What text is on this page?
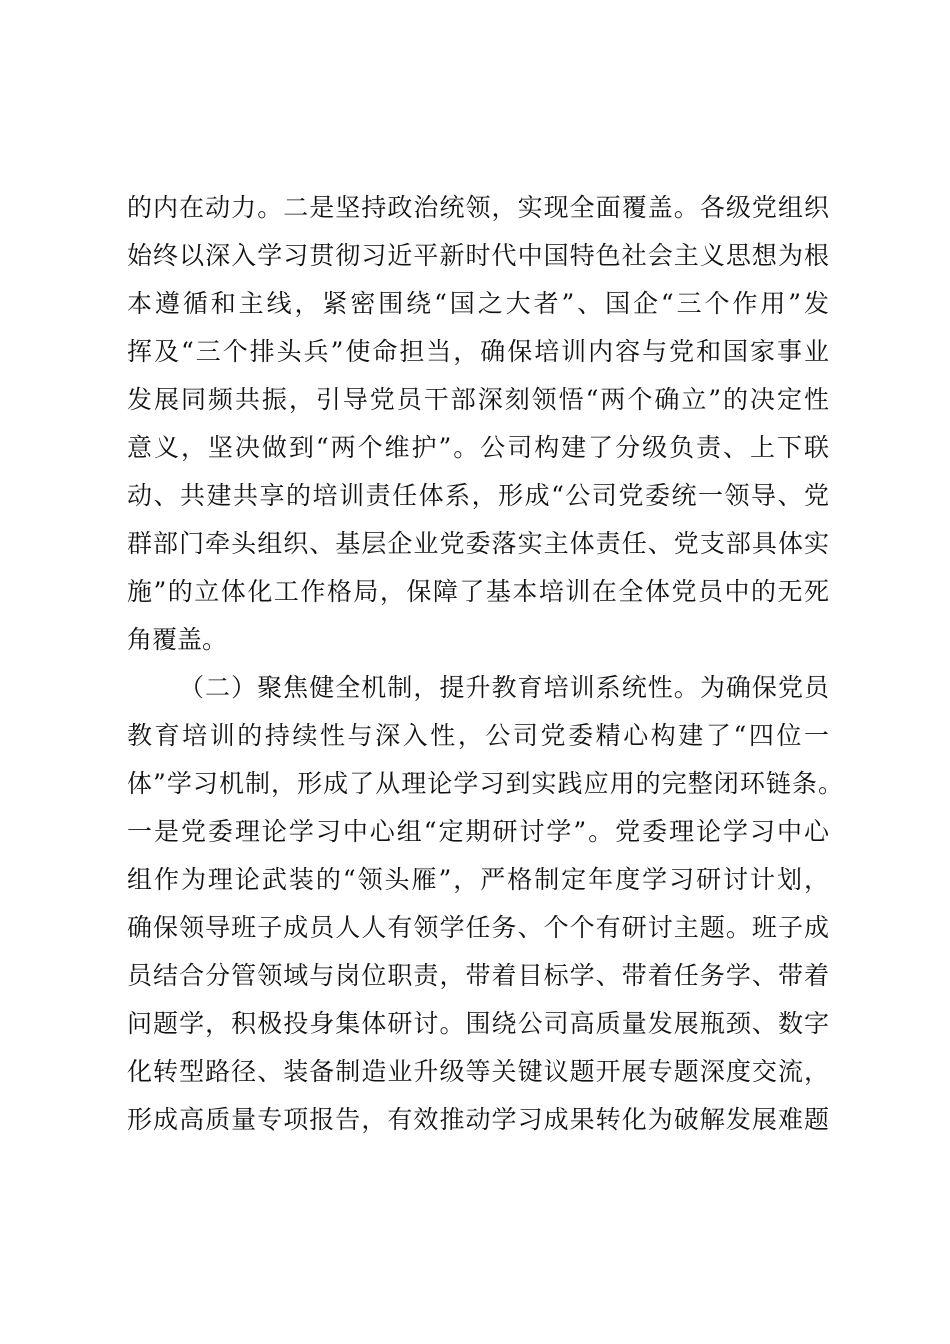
的内在动力。二是坚持政治统领，实现全面覆盖。各级党组织
始终以深入学习贯彻习近平新时代中国特色社会主义思想为根
本遵循和主线，紧密围绕“国之大者”、国企“三个作用”发
挥及“三个排头兵”使命担当，确保培训内容与党和国家事业
发展同频共振，引导党员干部深刻领悟“两个确立”的决定性
意义，坚决做到“两个维护”。公司构建了分级负责、上下联
动、共建共享的培训责任体系，形成“公司党委统一领导、党
群部门牵头组织、基层企业党委落实主体责任、党支部具体实
施”的立体化工作格局，保障了基本培训在全体党员中的无死
角覆盖。
（二）聚焦健全机制，提升教育培训系统性。为确保党员
教育培训的持续性与深入性，公司党委精心构建了“四位一
体”学习机制，形成了从理论学习到实践应用的完整闭环链条。
一是党委理论学习中心组“定期研讨学”。党委理论学习中心
组作为理论武装的“领头雁”，严格制定年度学习研讨计划，
确保领导班子成员人人有领学任务、个个有研讨主题。班子成
员结合分管领域与岗位职责，带着目标学、带着任务学、带着
问题学，积极投身集体研讨。围绕公司高质量发展瓶颈、数字
化转型路径、装备制造业升级等关键议题开展专题深度交流，
形成高质量专项报告，有效推动学习成果转化为破解发展难题
